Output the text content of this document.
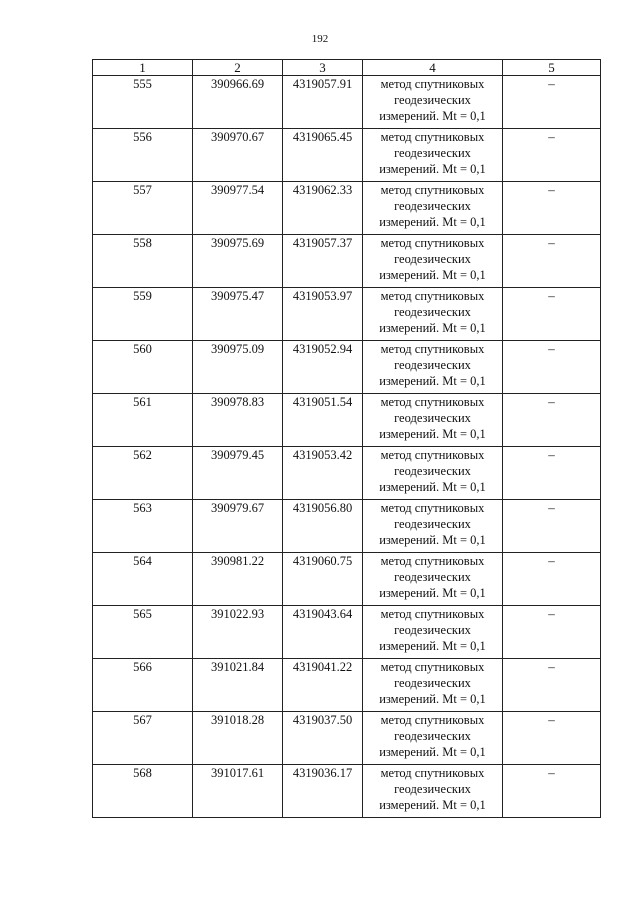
192
1	2	3	4	5
555	390966.69	4319057.91	метод спутниковых
геодезических
измерений. Mt = 0,1	–
556	390970.67	4319065.45	метод спутниковых
геодезических
измерений. Mt = 0,1	–
557	390977.54	4319062.33	метод спутниковых
геодезических
измерений. Mt = 0,1	–
558	390975.69	4319057.37	метод спутниковых
геодезических
измерений. Mt = 0,1	–
559	390975.47	4319053.97	метод спутниковых
геодезических
измерений. Mt = 0,1	–
560	390975.09	4319052.94	метод спутниковых
геодезических
измерений. Mt = 0,1	–
561	390978.83	4319051.54	метод спутниковых
геодезических
измерений. Mt = 0,1	–
562	390979.45	4319053.42	метод спутниковых
геодезических
измерений. Mt = 0,1	–
563	390979.67	4319056.80	метод спутниковых
геодезических
измерений. Mt = 0,1	–
564	390981.22	4319060.75	метод спутниковых
геодезических
измерений. Mt = 0,1	–
565	391022.93	4319043.64	метод спутниковых
геодезических
измерений. Mt = 0,1	–
566	391021.84	4319041.22	метод спутниковых
геодезических
измерений. Mt = 0,1	–
567	391018.28	4319037.50	метод спутниковых
геодезических
измерений. Mt = 0,1	–
568	391017.61	4319036.17	метод спутниковых
геодезических
измерений. Mt = 0,1	–
